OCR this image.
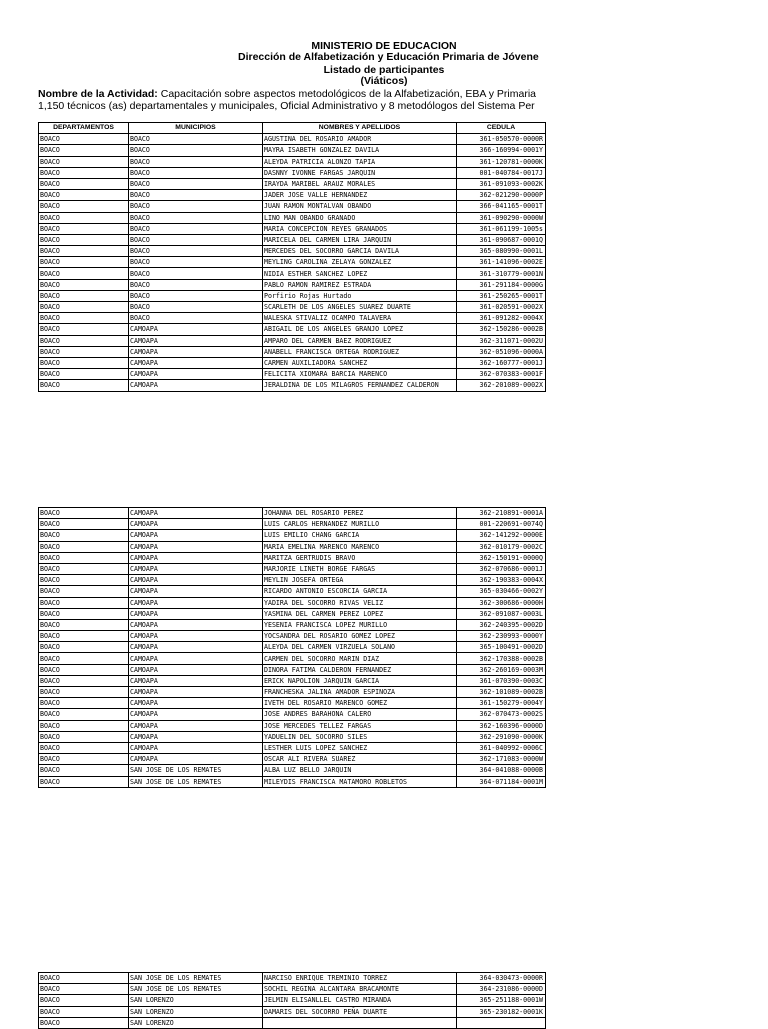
MINISTERIO DE EDUCACION
Dirección de Alfabetización y Educación Primaria de Jóvene
Listado de participantes
(Viáticos)
Nombre de la Actividad: Capacitación sobre aspectos metodológicos de la Alfabetización, EBA y Primaria
1,150 técnicos (as) departamentales y municipales, Oficial Administrativo y 8 metodólogos del Sistema Per
DEPARTAMENTOS	MUNICIPIOS	NOMBRES Y APELLIDOS	CEDULA
BOACO	BOACO	AGUSTINA DEL ROSARIO AMADOR	361-050570-0000R
BOACO	BOACO	MAYRA ISABETH GONZALEZ DAVILA	366-160994-0001Y
BOACO	BOACO	ALEYDA PATRICIA ALONZO TAPIA	361-120781-0000K
BOACO	BOACO	DASNNY IVONNE FARGAS JARQUIN	001-040784-0017J
BOACO	BOACO	IRAYDA MARIBEL ARAUZ MORALES	361-091093-0002K
BOACO	BOACO	JADER JOSE VALLE HERNANDEZ	362-021290-0000P
BOACO	BOACO	JUAN RAMON MONTALVAN OBANDO	366-041165-0001T
BOACO	BOACO	LINO MAN OBANDO GRANADO	361-090290-0000W
BOACO	BOACO	MARIA CONCEPCION REYES GRANADOS	361-061199-1005s
BOACO	BOACO	MARICELA DEL CARMEN LIRA JARQUIN	361-090687-0001Q
BOACO	BOACO	MERCEDES DEL SOCORRO GARCIA DAVILA	365-080990-0001L
BOACO	BOACO	MEYLING CAROLINA ZELAYA GONZALEZ	361-141096-0002E
BOACO	BOACO	NIDIA ESTHER SANCHEZ LOPEZ	361-310779-0001N
BOACO	BOACO	PABLO RAMON RAMIREZ ESTRADA	361-291184-0000G
BOACO	BOACO	Porfirio Rojas Hurtado	361-250265-0001T
BOACO	BOACO	SCARLETH DE LOS ANGELES SUAREZ DUARTE	361-020591-0002X
BOACO	BOACO	WALESKA STIVALIZ OCAMPO TALAVERA	361-091282-0004X
BOACO	CAMOAPA	ABIGAIL DE LOS ANGELES GRANJO LOPEZ	362-150286-0002B
BOACO	CAMOAPA	AMPARO DEL CARMEN BAEZ RODRIGUEZ	362-311071-0002U
BOACO	CAMOAPA	ANABELL FRANCISCA ORTEGA RODRIGUEZ	362-051096-0000A
BOACO	CAMOAPA	CARMEN AUXILIADORA SANCHEZ	362-160777-0001J
BOACO	CAMOAPA	FELICITA XIOMARA BARCIA MARENCO	362-070383-0001F
BOACO	CAMOAPA	JERALDINA DE LOS MILAGROS FERNANDEZ CALDERON	362-201089-0002X
BOACO	CAMOAPA	JOHANNA DEL ROSARIO PEREZ	362-210891-0001A
BOACO	CAMOAPA	LUIS CARLOS HERNANDEZ MURILLO	001-220691-0074Q
BOACO	CAMOAPA	LUIS EMILIO CHANG GARCIA	362-141292-0000E
BOACO	CAMOAPA	MARIA EMELINA MARENCO MARENCO	362-010179-0002C
BOACO	CAMOAPA	MARITZA GERTRUDIS BRAVO	362-150191-0000Q
BOACO	CAMOAPA	MARJORIE LINETH BORGE FARGAS	362-070686-0001J
BOACO	CAMOAPA	MEYLIN JOSEFA ORTEGA	362-190383-0004X
BOACO	CAMOAPA	RICARDO ANTONIO ESCORCIA GARCIA	365-030466-0002Y
BOACO	CAMOAPA	YADIRA DEL SOCORRO RIVAS VELIZ	362-300686-0000H
BOACO	CAMOAPA	YASMINA DEL CARMEN PEREZ LOPEZ	362-091087-0003L
BOACO	CAMOAPA	YESENIA FRANCISCA LOPEZ MURILLO	362-240395-0002D
BOACO	CAMOAPA	YOCSANDRA DEL ROSARIO GOMEZ LOPEZ	362-230993-0000Y
BOACO	CAMOAPA	ALEYDA DEL CARMEN VIRZUELA SOLANO	365-100491-0002D
BOACO	CAMOAPA	CARMEN DEL SOCORRO MARIN DIAZ	362-170388-0002B
BOACO	CAMOAPA	DINORA FATIMA CALDERON FERNANDEZ	362-260169-0003M
BOACO	CAMOAPA	ERICK NAPOLION JARQUIN GARCIA	361-070390-0003C
BOACO	CAMOAPA	FRANCHESKA JALINA AMADOR ESPINOZA	362-101089-0002B
BOACO	CAMOAPA	IVETH DEL ROSARIO MARENCO GOMEZ	361-150279-0004Y
BOACO	CAMOAPA	JOSE ANDRES BARAHONA CALERO	362-070473-0002S
BOACO	CAMOAPA	JOSE MERCEDES TELLEZ FARGAS	362-160396-0000D
BOACO	CAMOAPA	YADUELIN DEL SOCORRO SILES	362-291090-0000K
BOACO	CAMOAPA	LESTHER LUIS LOPEZ SANCHEZ	361-040992-0006C
BOACO	CAMOAPA	OSCAR ALI RIVERA SUAREZ	362-171083-0000W
BOACO	SAN JOSE DE LOS REMATES	ALBA LUZ BELLO JARQUIN	364-041088-0000B
BOACO	SAN JOSE DE LOS REMATES	MILEYDIS FRANCISCA MATAMORO ROBLETOS	364-071184-0001M
BOACO	SAN JOSE DE LOS REMATES	NARCISO ENRIQUE TREMINIO TORREZ	364-030473-0000R
BOACO	SAN JOSE DE LOS REMATES	SOCHIL REGINA ALCANTARA BRACAMONTE	364-231086-0000D
BOACO	SAN LORENZO	JELMIN ELISANLLEL CASTRO MIRANDA	365-251188-0001W
BOACO	SAN LORENZO	DAMARIS DEL SOCORRO PEÑA DUARTE	365-230182-0001K
BOACO	SAN LORENZO		
